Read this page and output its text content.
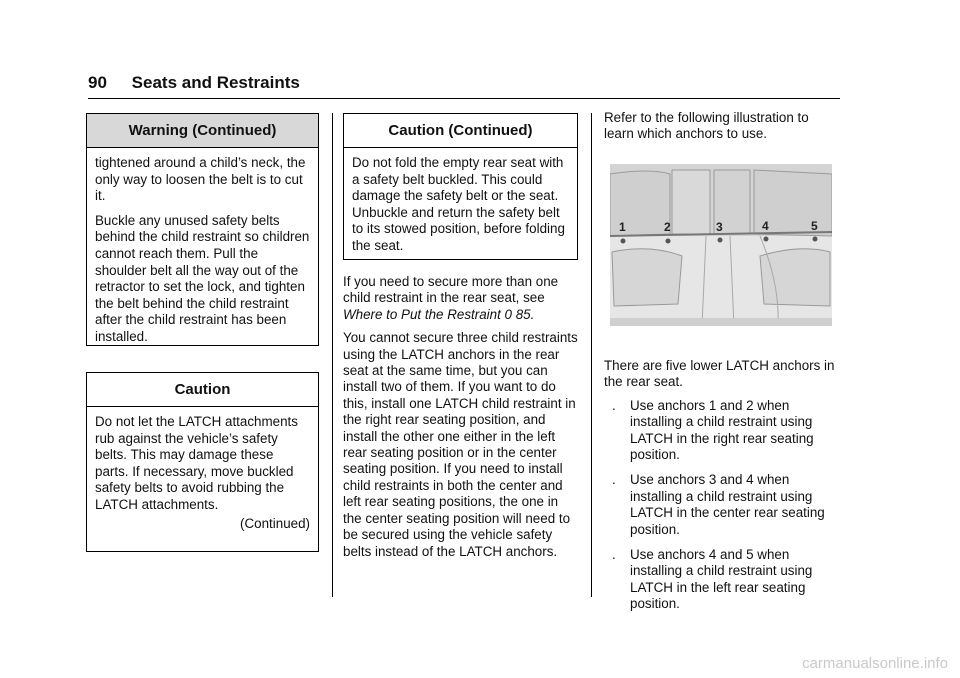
90 Seats and Restraints
Warning (Continued)

tightened around a child’s neck, the only way to loosen the belt is to cut it.

Buckle any unused safety belts behind the child restraint so children cannot reach them. Pull the shoulder belt all the way out of the retractor to set the lock, and tighten the belt behind the child restraint after the child restraint has been installed.

Caution
Do not let the LATCH attachments rub against the vehicle’s safety belts. This may damage these parts. If necessary, move buckled safety belts to avoid rubbing the LATCH attachments.
(Continued)
Caution (Continued)
Do not fold the empty rear seat with a safety belt buckled. This could damage the safety belt or the seat. Unbuckle and return the safety belt to its stowed position, before folding the seat.

If you need to secure more than one child restraint in the rear seat, see Where to Put the Restraint 0 85.

You cannot secure three child restraints using the LATCH anchors in the rear seat at the same time, but you can install two of them. If you want to do this, install one LATCH child restraint in the right rear seating position, and install the other one either in the left rear seating position or in the center seating position. If you need to install child restraints in both the center and left rear seating positions, the one in the center seating position will need to be secured using the vehicle safety belts instead of the LATCH anchors.

Refer to the following illustration to learn which anchors to use.
1	2	3	4	5

There are five lower LATCH anchors in the rear seat.

. Use anchors 1 and 2 when installing a child restraint using LATCH in the right rear seating position.
. Use anchors 3 and 4 when installing a child restraint using LATCH in the center rear seating position.
. Use anchors 4 and 5 when installing a child restraint using LATCH in the left rear seating position.
carmanualsonline.info
